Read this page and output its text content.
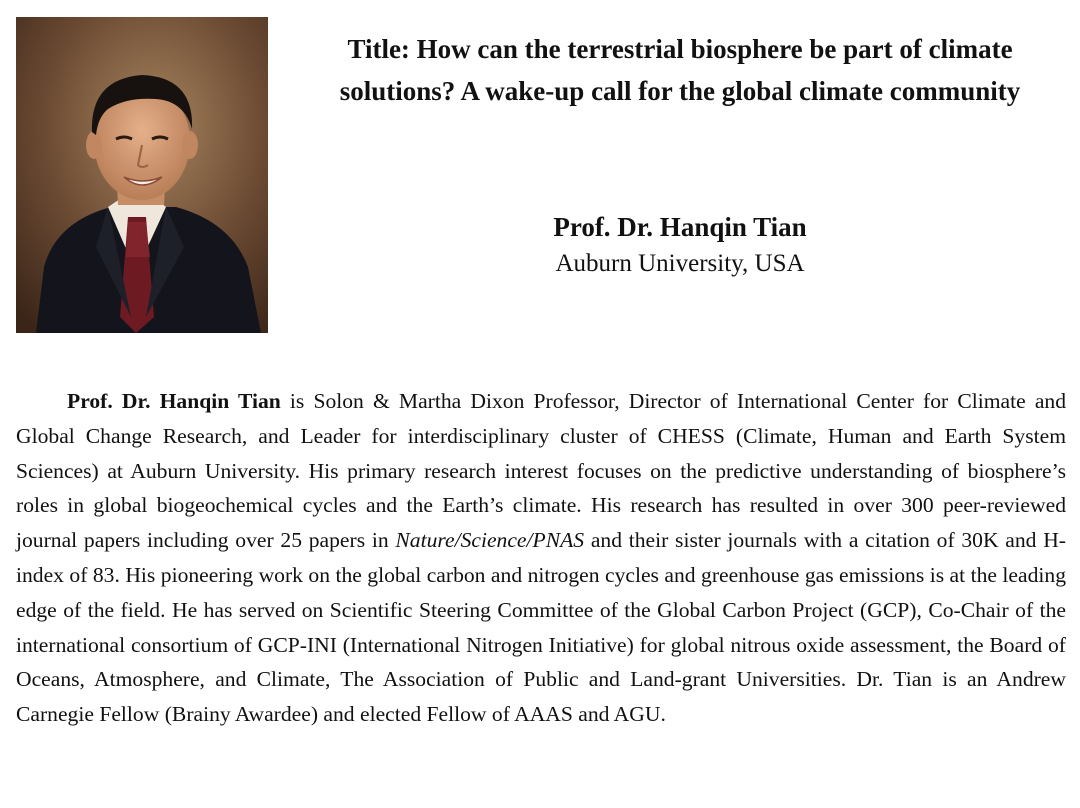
Title: How can the terrestrial biosphere be part of climate solutions? A wake-up call for the global climate community
Prof. Dr. Hanqin Tian
Auburn University, USA

Prof. Dr. Hanqin Tian is Solon & Martha Dixon Professor, Director of International Center for Climate and Global Change Research, and Leader for interdisciplinary cluster of CHESS (Climate, Human and Earth System Sciences) at Auburn University. His primary research interest focuses on the predictive understanding of biosphere’s roles in global biogeochemical cycles and the Earth’s climate. His research has resulted in over 300 peer-reviewed journal papers including over 25 papers in Nature/Science/PNAS and their sister journals with a citation of 30K and H-index of 83. His pioneering work on the global carbon and nitrogen cycles and greenhouse gas emissions is at the leading edge of the field. He has served on Scientific Steering Committee of the Global Carbon Project (GCP), Co-Chair of the international consortium of GCP-INI (International Nitrogen Initiative) for global nitrous oxide assessment, the Board of Oceans, Atmosphere, and Climate, The Association of Public and Land-grant Universities. Dr. Tian is an Andrew Carnegie Fellow (Brainy Awardee) and elected Fellow of AAAS and AGU.
